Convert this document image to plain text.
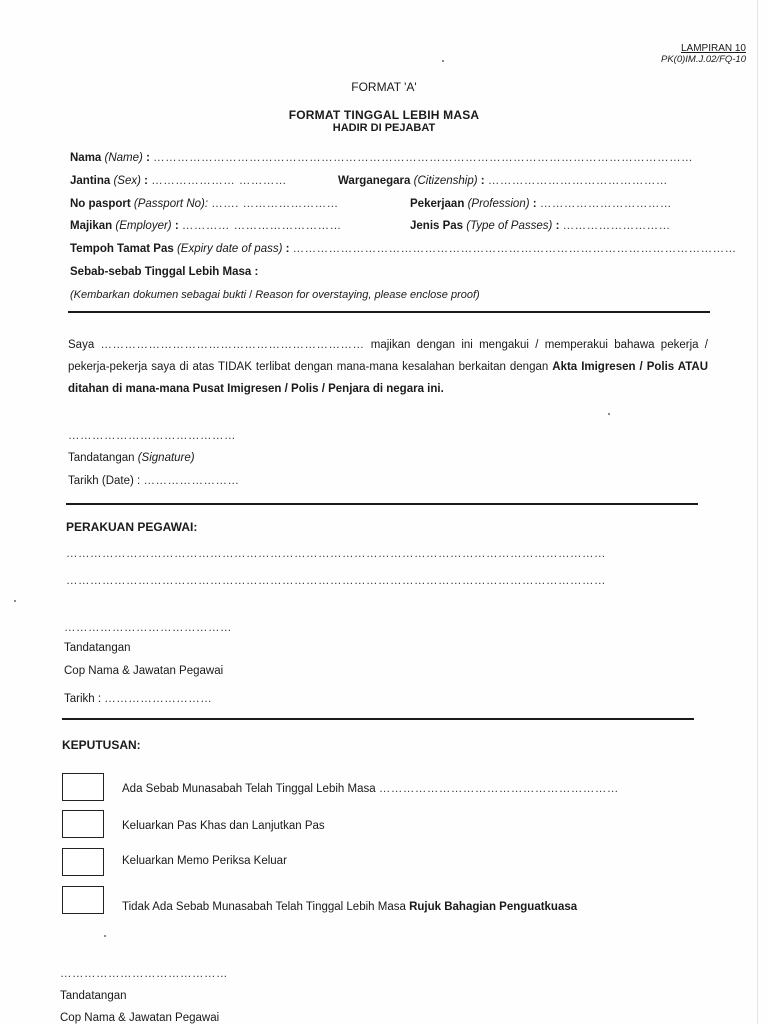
LAMPIRAN 10
PK(0)IM.J.02/FQ-10
FORMAT 'A'
FORMAT TINGGAL LEBIH MASA
HADIR DI PEJABAT
Nama (Name) : ………………………………………………………………………………………………………………………
Jantina (Sex) : ………………… …………	Warganegara (Citizenship) : ………………………………………
No pasport (Passport No): ……. ……………………	Pekerjaan (Profession) : ……………………………
Majikan (Employer) : ………… ………………………	Jenis Pas (Type of Passes) : ………………………
Tempoh Tamat Pas (Expiry date of pass) : …………………………………………………………………………………………………
Sebab-sebab Tinggal Lebih Masa :
(Kembarkan dokumen sebagai bukti / Reason for overstaying, please enclose proof)
Saya ………………………………………………………… majikan dengan ini mengakui / memperakui bahawa pekerja / pekerja-pekerja saya di atas TIDAK terlibat dengan mana-mana kesalahan berkaitan dengan Akta Imigresen / Polis ATAU ditahan di mana-mana Pusat Imigresen / Polis / Penjara di negara ini.
……………………………………
Tandatangan (Signature)
Tarikh (Date) : ……………………
PERAKUAN PEGAWAI:
………………………………………………………………………………………………………………………
………………………………………………………………………………………………………………………
……………………………………
Tandatangan
Cop Nama & Jawatan Pegawai
Tarikh : ………………………
KEPUTUSAN:
Ada Sebab Munasabah Telah Tinggal Lebih Masa ……………………………………………………
Keluarkan Pas Khas dan Lanjutkan Pas
Keluarkan Memo Periksa Keluar
Tidak Ada Sebab Munasabah Telah Tinggal Lebih Masa Rujuk Bahagian Penguatkuasa
……………………………………
Tandatangan
Cop Nama & Jawatan Pegawai
